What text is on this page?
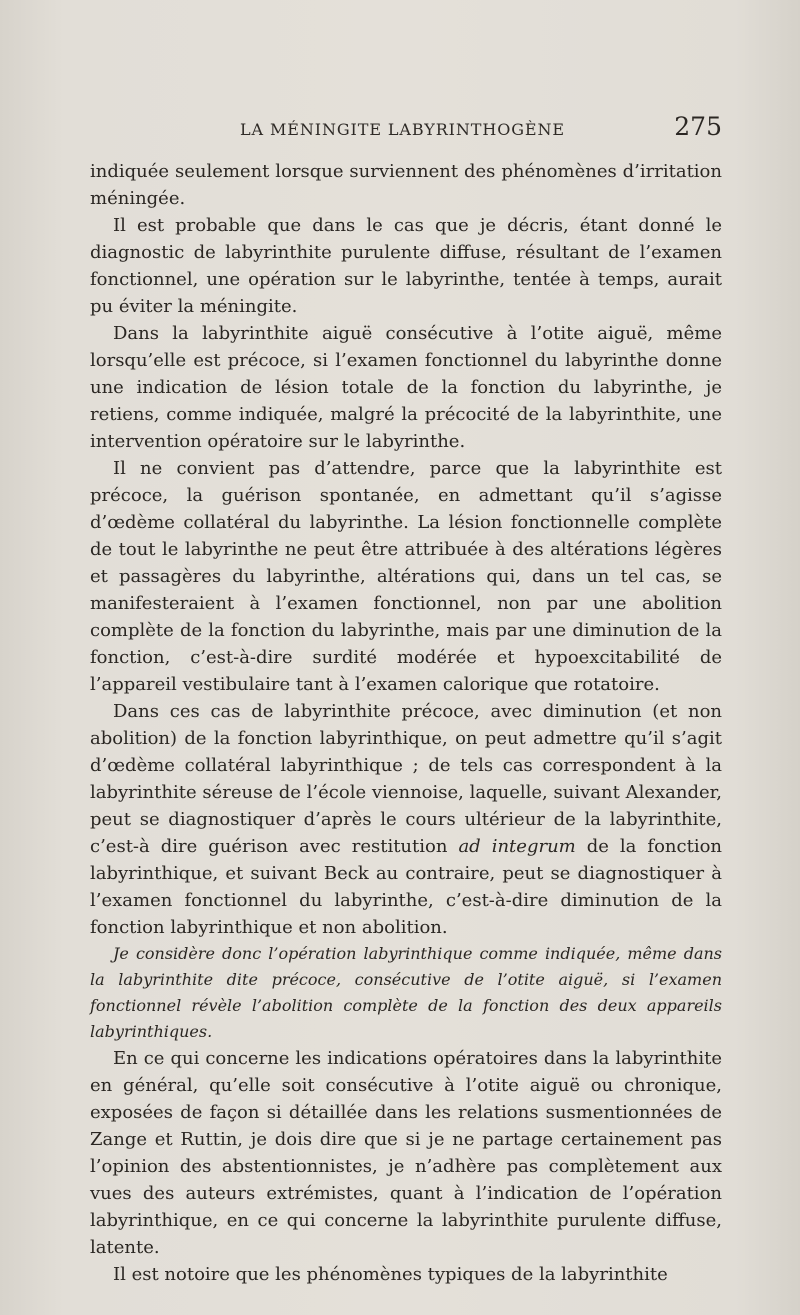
LA MÉNINGITE LABYRINTHOGÈNE	275

indiquée seulement lorsque surviennent des phénomènes d’irritation méningée.

Il est probable que dans le cas que je décris, étant donné le diagnostic de labyrinthite purulente diffuse, résultant de l’examen fonctionnel, une opération sur le labyrinthe, tentée à temps, aurait pu éviter la méningite.

Dans la labyrinthite aiguë consécutive à l’otite aiguë, même lorsqu’elle est précoce, si l’examen fonctionnel du labyrinthe donne une indication de lésion totale de la fonction du labyrinthe, je retiens, comme indiquée, malgré la précocité de la labyrinthite, une intervention opératoire sur le labyrinthe.

Il ne convient pas d’attendre, parce que la labyrinthite est précoce, la guérison spontanée, en admettant qu’il s’agisse d’œdème collatéral du labyrinthe. La lésion fonctionnelle complète de tout le labyrinthe ne peut être attribuée à des altérations légères et passagères du labyrinthe, altérations qui, dans un tel cas, se manifesteraient à l’examen fonctionnel, non par une abolition complète de la fonction du labyrinthe, mais par une diminution de la fonction, c’est-à-dire surdité modérée et hypoexcitabilité de l’appareil vestibulaire tant à l’examen calorique que rotatoire.

Dans ces cas de labyrinthite précoce, avec diminution (et non abolition) de la fonction labyrinthique, on peut admettre qu’il s’agit d’œdème collatéral labyrinthique ; de tels cas correspondent à la labyrinthite séreuse de l’école viennoise, laquelle, suivant Alexander, peut se diagnostiquer d’après le cours ultérieur de la labyrinthite, c’est-à dire guérison avec restitution ad integrum de la fonction labyrinthique, et suivant Beck au contraire, peut se diagnostiquer à l’examen fonctionnel du labyrinthe, c’est-à-dire diminution de la fonction labyrinthique et non abolition.

Je considère donc l’opération labyrinthique comme indiquée, même dans la labyrinthite dite précoce, consécutive de l’otite aiguë, si l’examen fonctionnel révèle l’abolition complète de la fonction des deux appareils labyrinthiques.

En ce qui concerne les indications opératoires dans la labyrinthite en général, qu’elle soit consécutive à l’otite aiguë ou chronique, exposées de façon si détaillée dans les relations susmentionnées de Zange et Ruttin, je dois dire que si je ne partage certainement pas l’opinion des abstentionnistes, je n’adhère pas complètement aux vues des auteurs extrémistes, quant à l’indication de l’opération labyrinthique, en ce qui concerne la labyrinthite purulente diffuse, latente.

Il est notoire que les phénomènes typiques de la labyrinthite
